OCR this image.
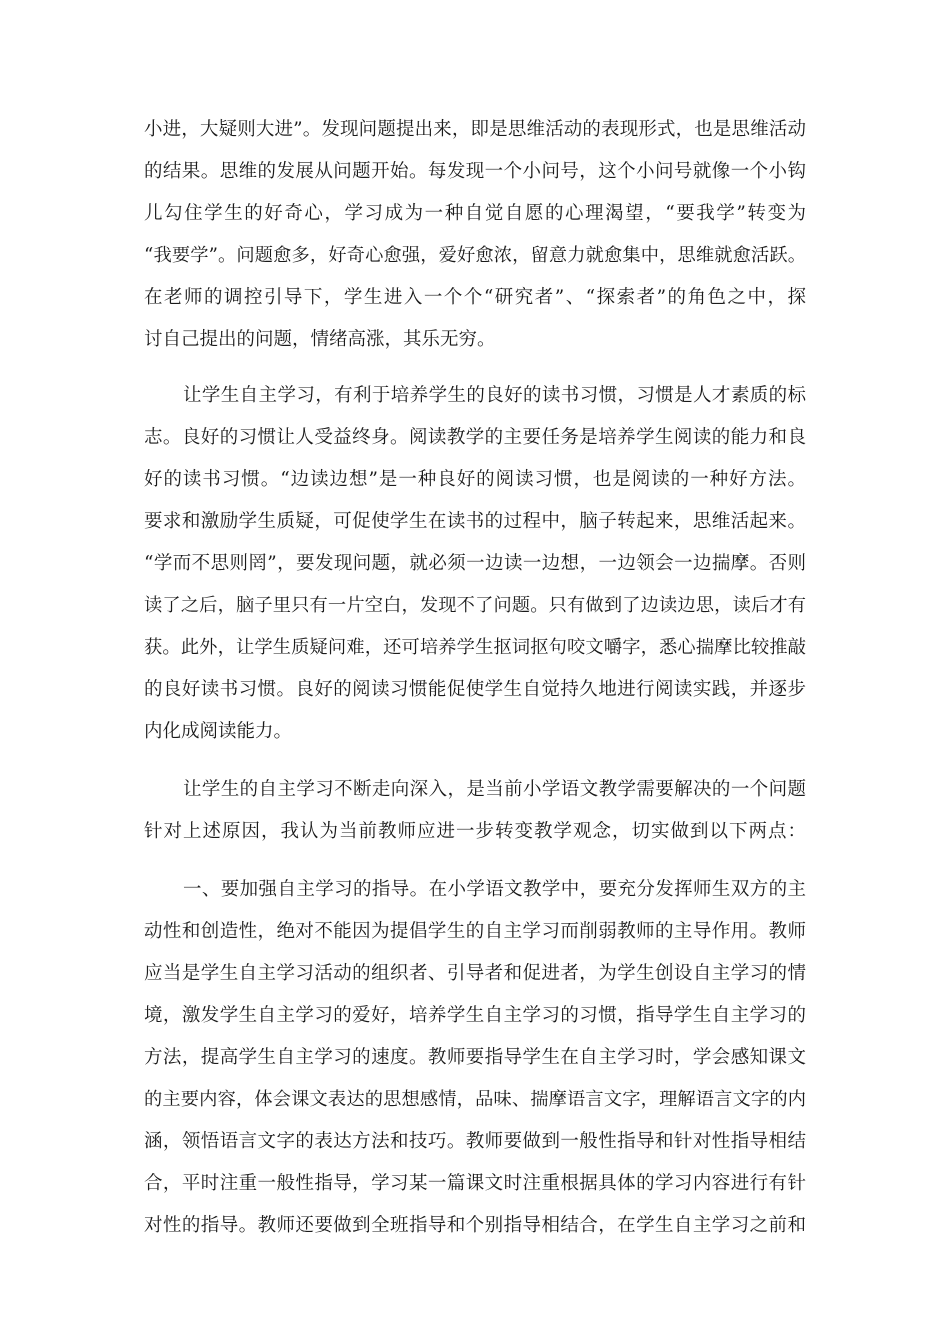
小进，大疑则大进”。发现问题提出来，即是思维活动的表现形式，也是思维活动
的结果。思维的发展从问题开始。每发现一个小问号，这个小问号就像一个小钩
儿勾住学生的好奇心，学习成为一种自觉自愿的心理渴望，“要我学”转变为
“我要学”。问题愈多，好奇心愈强，爱好愈浓，留意力就愈集中，思维就愈活跃。
在老师的调控引导下，学生进入一个个“研究者”、“探索者”的角色之中，探
讨自己提出的问题，情绪高涨，其乐无穷。
让学生自主学习，有利于培养学生的良好的读书习惯，习惯是人才素质的标
志。良好的习惯让人受益终身。阅读教学的主要任务是培养学生阅读的能力和良
好的读书习惯。“边读边想”是一种良好的阅读习惯，也是阅读的一种好方法。
要求和激励学生质疑，可促使学生在读书的过程中，脑子转起来，思维活起来。
“学而不思则罔”，要发现问题，就必须一边读一边想，一边领会一边揣摩。否则
读了之后，脑子里只有一片空白，发现不了问题。只有做到了边读边思，读后才有
获。此外，让学生质疑问难，还可培养学生抠词抠句咬文嚼字，悉心揣摩比较推敲
的良好读书习惯。良好的阅读习惯能促使学生自觉持久地进行阅读实践，并逐步
内化成阅读能力。
让学生的自主学习不断走向深入，是当前小学语文教学需要解决的一个问题
针对上述原因，我认为当前教师应进一步转变教学观念，切实做到以下两点：
一、要加强自主学习的指导。在小学语文教学中，要充分发挥师生双方的主
动性和创造性，绝对不能因为提倡学生的自主学习而削弱教师的主导作用。教师
应当是学生自主学习活动的组织者、引导者和促进者，为学生创设自主学习的情
境，激发学生自主学习的爱好，培养学生自主学习的习惯，指导学生自主学习的
方法，提高学生自主学习的速度。教师要指导学生在自主学习时，学会感知课文
的主要内容，体会课文表达的思想感情，品味、揣摩语言文字，理解语言文字的内
涵，领悟语言文字的表达方法和技巧。教师要做到一般性指导和针对性指导相结
合，平时注重一般性指导，学习某一篇课文时注重根据具体的学习内容进行有针
对性的指导。教师还要做到全班指导和个别指导相结合，在学生自主学习之前和
